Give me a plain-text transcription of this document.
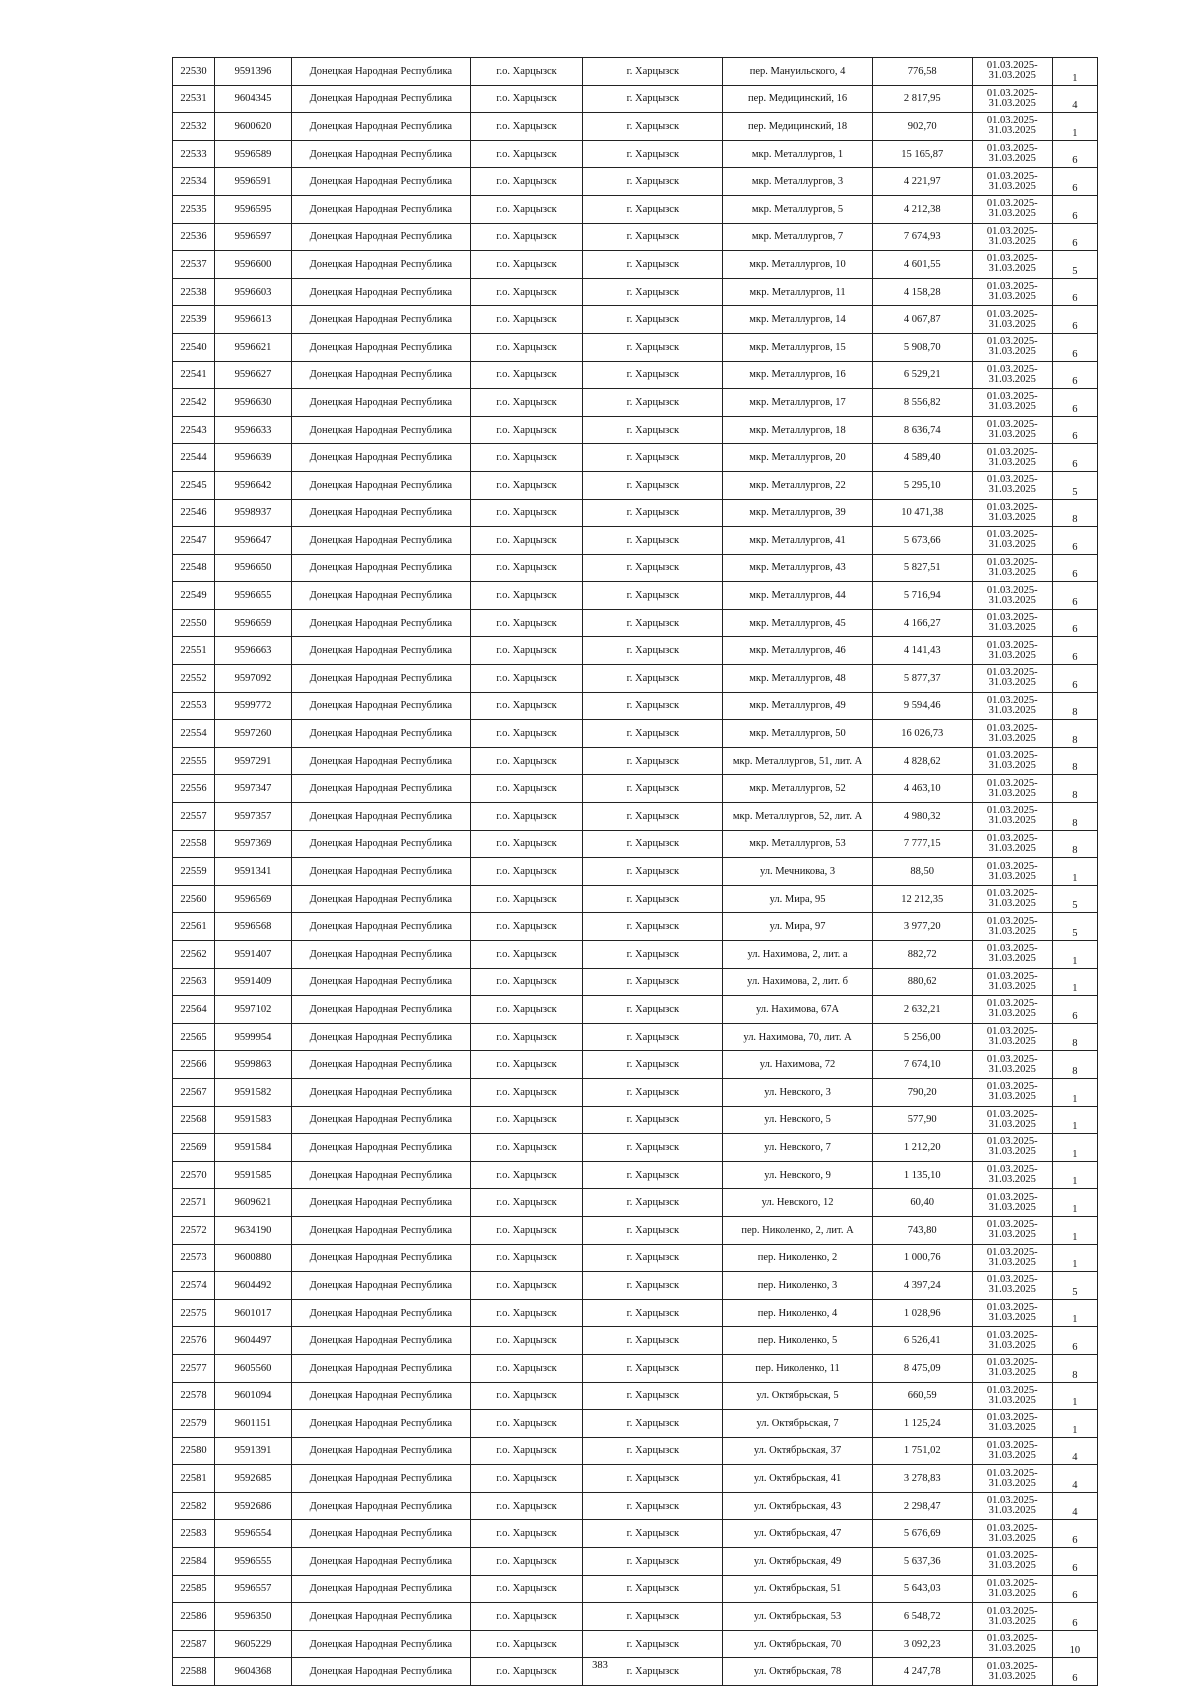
22530	9591396	Донецкая Народная Республика	г.о. Харцызск	г. Харцызск	пер. Мануильского, 4	776,58	01.03.2025-
31.03.2025	1
22531	9604345	Донецкая Народная Республика	г.о. Харцызск	г. Харцызск	пер. Медицинский, 16	2 817,95	01.03.2025-
31.03.2025	4
22532	9600620	Донецкая Народная Республика	г.о. Харцызск	г. Харцызск	пер. Медицинский, 18	902,70	01.03.2025-
31.03.2025	1
22533	9596589	Донецкая Народная Республика	г.о. Харцызск	г. Харцызск	мкр. Металлургов, 1	15 165,87	01.03.2025-
31.03.2025	6
22534	9596591	Донецкая Народная Республика	г.о. Харцызск	г. Харцызск	мкр. Металлургов, 3	4 221,97	01.03.2025-
31.03.2025	6
22535	9596595	Донецкая Народная Республика	г.о. Харцызск	г. Харцызск	мкр. Металлургов, 5	4 212,38	01.03.2025-
31.03.2025	6
22536	9596597	Донецкая Народная Республика	г.о. Харцызск	г. Харцызск	мкр. Металлургов, 7	7 674,93	01.03.2025-
31.03.2025	6
22537	9596600	Донецкая Народная Республика	г.о. Харцызск	г. Харцызск	мкр. Металлургов, 10	4 601,55	01.03.2025-
31.03.2025	5
22538	9596603	Донецкая Народная Республика	г.о. Харцызск	г. Харцызск	мкр. Металлургов, 11	4 158,28	01.03.2025-
31.03.2025	6
22539	9596613	Донецкая Народная Республика	г.о. Харцызск	г. Харцызск	мкр. Металлургов, 14	4 067,87	01.03.2025-
31.03.2025	6
22540	9596621	Донецкая Народная Республика	г.о. Харцызск	г. Харцызск	мкр. Металлургов, 15	5 908,70	01.03.2025-
31.03.2025	6
22541	9596627	Донецкая Народная Республика	г.о. Харцызск	г. Харцызск	мкр. Металлургов, 16	6 529,21	01.03.2025-
31.03.2025	6
22542	9596630	Донецкая Народная Республика	г.о. Харцызск	г. Харцызск	мкр. Металлургов, 17	8 556,82	01.03.2025-
31.03.2025	6
22543	9596633	Донецкая Народная Республика	г.о. Харцызск	г. Харцызск	мкр. Металлургов, 18	8 636,74	01.03.2025-
31.03.2025	6
22544	9596639	Донецкая Народная Республика	г.о. Харцызск	г. Харцызск	мкр. Металлургов, 20	4 589,40	01.03.2025-
31.03.2025	6
22545	9596642	Донецкая Народная Республика	г.о. Харцызск	г. Харцызск	мкр. Металлургов, 22	5 295,10	01.03.2025-
31.03.2025	5
22546	9598937	Донецкая Народная Республика	г.о. Харцызск	г. Харцызск	мкр. Металлургов, 39	10 471,38	01.03.2025-
31.03.2025	8
22547	9596647	Донецкая Народная Республика	г.о. Харцызск	г. Харцызск	мкр. Металлургов, 41	5 673,66	01.03.2025-
31.03.2025	6
22548	9596650	Донецкая Народная Республика	г.о. Харцызск	г. Харцызск	мкр. Металлургов, 43	5 827,51	01.03.2025-
31.03.2025	6
22549	9596655	Донецкая Народная Республика	г.о. Харцызск	г. Харцызск	мкр. Металлургов, 44	5 716,94	01.03.2025-
31.03.2025	6
22550	9596659	Донецкая Народная Республика	г.о. Харцызск	г. Харцызск	мкр. Металлургов, 45	4 166,27	01.03.2025-
31.03.2025	6
22551	9596663	Донецкая Народная Республика	г.о. Харцызск	г. Харцызск	мкр. Металлургов, 46	4 141,43	01.03.2025-
31.03.2025	6
22552	9597092	Донецкая Народная Республика	г.о. Харцызск	г. Харцызск	мкр. Металлургов, 48	5 877,37	01.03.2025-
31.03.2025	6
22553	9599772	Донецкая Народная Республика	г.о. Харцызск	г. Харцызск	мкр. Металлургов, 49	9 594,46	01.03.2025-
31.03.2025	8
22554	9597260	Донецкая Народная Республика	г.о. Харцызск	г. Харцызск	мкр. Металлургов, 50	16 026,73	01.03.2025-
31.03.2025	8
22555	9597291	Донецкая Народная Республика	г.о. Харцызск	г. Харцызск	мкр. Металлургов, 51, лит. А	4 828,62	01.03.2025-
31.03.2025	8
22556	9597347	Донецкая Народная Республика	г.о. Харцызск	г. Харцызск	мкр. Металлургов, 52	4 463,10	01.03.2025-
31.03.2025	8
22557	9597357	Донецкая Народная Республика	г.о. Харцызск	г. Харцызск	мкр. Металлургов, 52, лит. А	4 980,32	01.03.2025-
31.03.2025	8
22558	9597369	Донецкая Народная Республика	г.о. Харцызск	г. Харцызск	мкр. Металлургов, 53	7 777,15	01.03.2025-
31.03.2025	8
22559	9591341	Донецкая Народная Республика	г.о. Харцызск	г. Харцызск	ул. Мечникова, 3	88,50	01.03.2025-
31.03.2025	1
22560	9596569	Донецкая Народная Республика	г.о. Харцызск	г. Харцызск	ул. Мира, 95	12 212,35	01.03.2025-
31.03.2025	5
22561	9596568	Донецкая Народная Республика	г.о. Харцызск	г. Харцызск	ул. Мира, 97	3 977,20	01.03.2025-
31.03.2025	5
22562	9591407	Донецкая Народная Республика	г.о. Харцызск	г. Харцызск	ул. Нахимова, 2, лит. а	882,72	01.03.2025-
31.03.2025	1
22563	9591409	Донецкая Народная Республика	г.о. Харцызск	г. Харцызск	ул. Нахимова, 2, лит. б	880,62	01.03.2025-
31.03.2025	1
22564	9597102	Донецкая Народная Республика	г.о. Харцызск	г. Харцызск	ул. Нахимова, 67А	2 632,21	01.03.2025-
31.03.2025	6
22565	9599954	Донецкая Народная Республика	г.о. Харцызск	г. Харцызск	ул. Нахимова, 70, лит. А	5 256,00	01.03.2025-
31.03.2025	8
22566	9599863	Донецкая Народная Республика	г.о. Харцызск	г. Харцызск	ул. Нахимова, 72	7 674,10	01.03.2025-
31.03.2025	8
22567	9591582	Донецкая Народная Республика	г.о. Харцызск	г. Харцызск	ул. Невского, 3	790,20	01.03.2025-
31.03.2025	1
22568	9591583	Донецкая Народная Республика	г.о. Харцызск	г. Харцызск	ул. Невского, 5	577,90	01.03.2025-
31.03.2025	1
22569	9591584	Донецкая Народная Республика	г.о. Харцызск	г. Харцызск	ул. Невского, 7	1 212,20	01.03.2025-
31.03.2025	1
22570	9591585	Донецкая Народная Республика	г.о. Харцызск	г. Харцызск	ул. Невского, 9	1 135,10	01.03.2025-
31.03.2025	1
22571	9609621	Донецкая Народная Республика	г.о. Харцызск	г. Харцызск	ул. Невского, 12	60,40	01.03.2025-
31.03.2025	1
22572	9634190	Донецкая Народная Республика	г.о. Харцызск	г. Харцызск	пер. Николенко, 2, лит. А	743,80	01.03.2025-
31.03.2025	1
22573	9600880	Донецкая Народная Республика	г.о. Харцызск	г. Харцызск	пер. Николенко, 2	1 000,76	01.03.2025-
31.03.2025	1
22574	9604492	Донецкая Народная Республика	г.о. Харцызск	г. Харцызск	пер. Николенко, 3	4 397,24	01.03.2025-
31.03.2025	5
22575	9601017	Донецкая Народная Республика	г.о. Харцызск	г. Харцызск	пер. Николенко, 4	1 028,96	01.03.2025-
31.03.2025	1
22576	9604497	Донецкая Народная Республика	г.о. Харцызск	г. Харцызск	пер. Николенко, 5	6 526,41	01.03.2025-
31.03.2025	6
22577	9605560	Донецкая Народная Республика	г.о. Харцызск	г. Харцызск	пер. Николенко, 11	8 475,09	01.03.2025-
31.03.2025	8
22578	9601094	Донецкая Народная Республика	г.о. Харцызск	г. Харцызск	ул. Октябрьская, 5	660,59	01.03.2025-
31.03.2025	1
22579	9601151	Донецкая Народная Республика	г.о. Харцызск	г. Харцызск	ул. Октябрьская, 7	1 125,24	01.03.2025-
31.03.2025	1
22580	9591391	Донецкая Народная Республика	г.о. Харцызск	г. Харцызск	ул. Октябрьская, 37	1 751,02	01.03.2025-
31.03.2025	4
22581	9592685	Донецкая Народная Республика	г.о. Харцызск	г. Харцызск	ул. Октябрьская, 41	3 278,83	01.03.2025-
31.03.2025	4
22582	9592686	Донецкая Народная Республика	г.о. Харцызск	г. Харцызск	ул. Октябрьская, 43	2 298,47	01.03.2025-
31.03.2025	4
22583	9596554	Донецкая Народная Республика	г.о. Харцызск	г. Харцызск	ул. Октябрьская, 47	5 676,69	01.03.2025-
31.03.2025	6
22584	9596555	Донецкая Народная Республика	г.о. Харцызск	г. Харцызск	ул. Октябрьская, 49	5 637,36	01.03.2025-
31.03.2025	6
22585	9596557	Донецкая Народная Республика	г.о. Харцызск	г. Харцызск	ул. Октябрьская, 51	5 643,03	01.03.2025-
31.03.2025	6
22586	9596350	Донецкая Народная Республика	г.о. Харцызск	г. Харцызск	ул. Октябрьская, 53	6 548,72	01.03.2025-
31.03.2025	6
22587	9605229	Донецкая Народная Республика	г.о. Харцызск	г. Харцызск	ул. Октябрьская, 70	3 092,23	01.03.2025-
31.03.2025	10
22588	9604368	Донецкая Народная Республика	г.о. Харцызск	г. Харцызск	ул. Октябрьская, 78	4 247,78	01.03.2025-
31.03.2025	6
383
